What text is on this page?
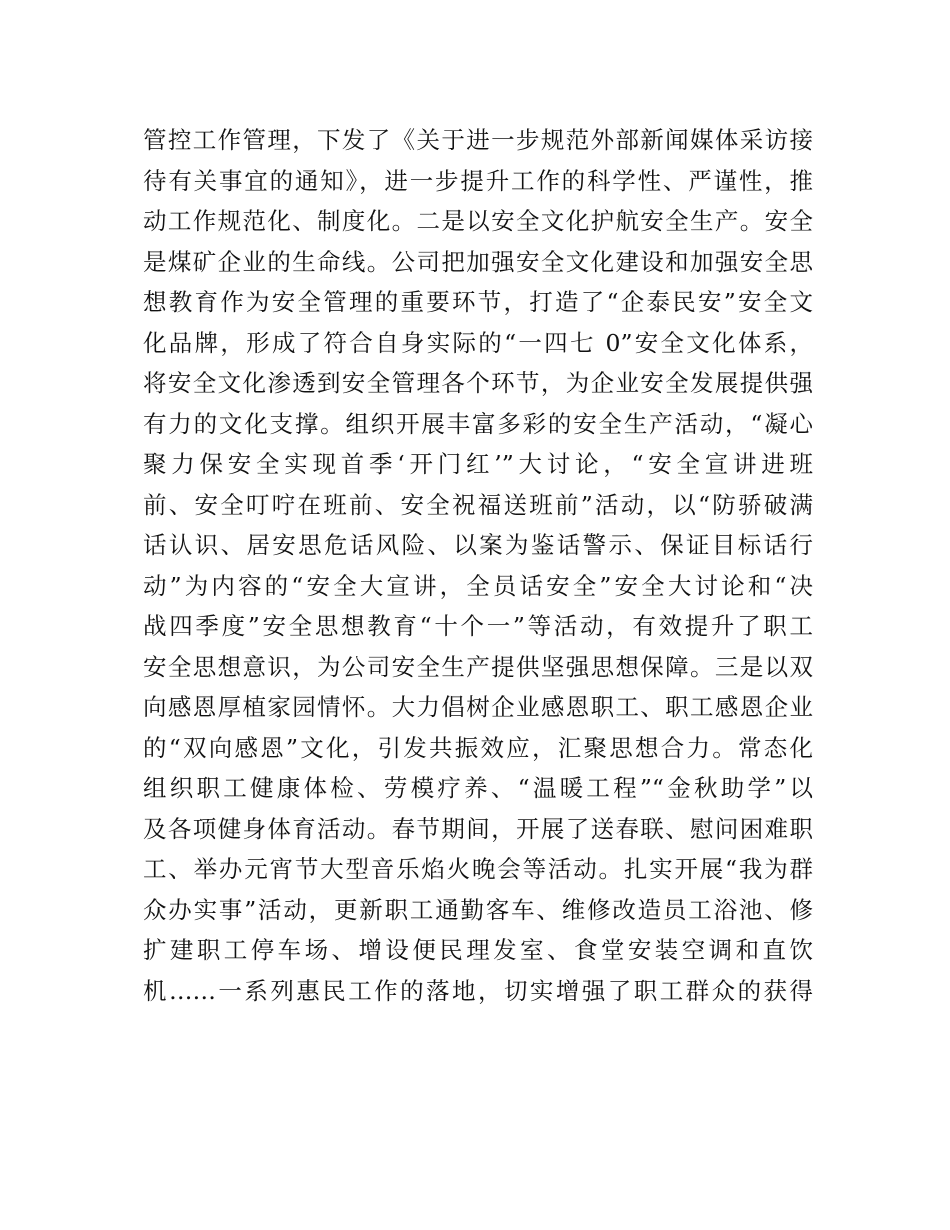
管控工作管理，下发了《关于进一步规范外部新闻媒体采访接
待有关事宜的通知》，进一步提升工作的科学性、严谨性，推
动工作规范化、制度化。二是以安全文化护航安全生产。安全
是煤矿企业的生命线。公司把加强安全文化建设和加强安全思
想教育作为安全管理的重要环节，打造了“企泰民安”安全文
化品牌，形成了符合自身实际的“一四七 0”安全文化体系，
将安全文化渗透到安全管理各个环节，为企业安全发展提供强
有力的文化支撑。组织开展丰富多彩的安全生产活动，“凝心
聚力保安全实现首季‘开门红’”大讨论，“安全宣讲进班
前、安全叮咛在班前、安全祝福送班前”活动，以“防骄破满
话认识、居安思危话风险、以案为鉴话警示、保证目标话行
动”为内容的“安全大宣讲，全员话安全”安全大讨论和“决
战四季度”安全思想教育“十个一”等活动，有效提升了职工
安全思想意识，为公司安全生产提供坚强思想保障。三是以双
向感恩厚植家园情怀。大力倡树企业感恩职工、职工感恩企业
的“双向感恩”文化，引发共振效应，汇聚思想合力。常态化
组织职工健康体检、劳模疗养、“温暖工程”“金秋助学”以
及各项健身体育活动。春节期间，开展了送春联、慰问困难职
工、举办元宵节大型音乐焰火晚会等活动。扎实开展“我为群
众办实事”活动，更新职工通勤客车、维修改造员工浴池、修
扩建职工停车场、增设便民理发室、食堂安装空调和直饮
机……一系列惠民工作的落地，切实增强了职工群众的获得
